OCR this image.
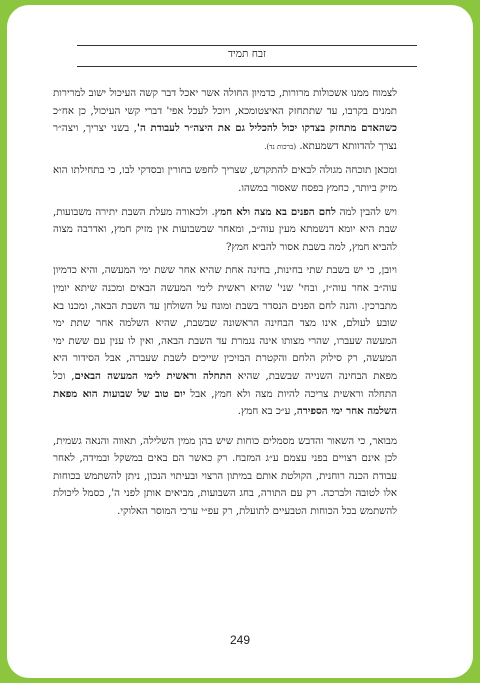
זבח תמיד

לצמוח ממנו אשכולות מרורות, כדמיון החולה אשר יאכל דבר קשה העיכול ישוב למרירות תמנים בקרבו, עד שתתחזק האיצטומכא, ויוכל לעכל אפי' דברי קשי העיכול, כן אח״כ כשהאדם מתחזק בצדקו יכול להכליל גם את היצה״ר לעבודת ה', בשני יצריך, ויצה״ר נצרך להדוותא דשמעתא. (ברכות נד).

ומכאן תוכחה מגולה לבאים להתקדש, שצריך לחפש בחורין ובסדקי לבו, כי בתחילתו הוא מזיק ביותר, כחמץ בפסח שאסור במשהו.

ויש להבין למה לחם הפנים בא מצה ולא חמץ. ולכאורה מעלת השבת יתירה משבועות, שבת היא יומא דנשמתא מעין עוה״ב, ומאחר שבשבועות אין מזיק חמץ, ואדרבה מצוה להביא חמץ, למה בשבת אסור להביא חמץ?

ויובן, כי יש בשבת שתי בחינות, בחינה אחת שהיא אחר ששת ימי המעשה, והיא כדמיון עוה״ב אחר עוה״ז, ובחי' שני' שהיא ראשית לימי המעשה הבאים ומכנה שיתא יומין מתברכין. והנה לחם הפנים הנסדר בשבת ומונח על השולחן עד השבת הבאה, ומכנו בא שובע לעולם, אינו מצד הבחינה הראשונה שבשבת, שהיא השלמה אחר שתת ימי המעשה שעברו, שהרי מצותו אינה נגמרת עד השבת הבאה, ואין לו ענין עם ששת ימי המעשה, רק סילוק הלחם והקטרת הבזיכין שייכים לשבת שעברה, אבל הסידור היא מפאת הבחינה השנייה שבשבת, שהיא התחלה וראשית לימי המעשה הבאים, וכל התחלה וראשית צריכה להיות מצה ולא חמץ, אבל יום טוב של שבועות הוא מפאת השלמה אחר ימי הספירה, ע״כ בא חמץ.

מבואר, כי השאור והדבש מסמלים כוחות שיש בהן ממין השלילה, תאווה והנאה גשמית, לכן אינם רצויים בפני עצמם ע״ג המזבח. רק כאשר הם באים במשקל ובמידה, לאחר עבודת הכנה רוחנית, הקולטת אותם במיתון הרצוי ובעיתוי הנכון, ניתן להשתמש בכוחות אלו לטובה ולברכה. רק עם התורה, בחג השבועות, מביאים אותן לפני ה', כסמל ליכולת להשתמש בכל הכוחות הטבעיים לתועלת, רק עפ״י ערכי המוסר האלוקי.

249
